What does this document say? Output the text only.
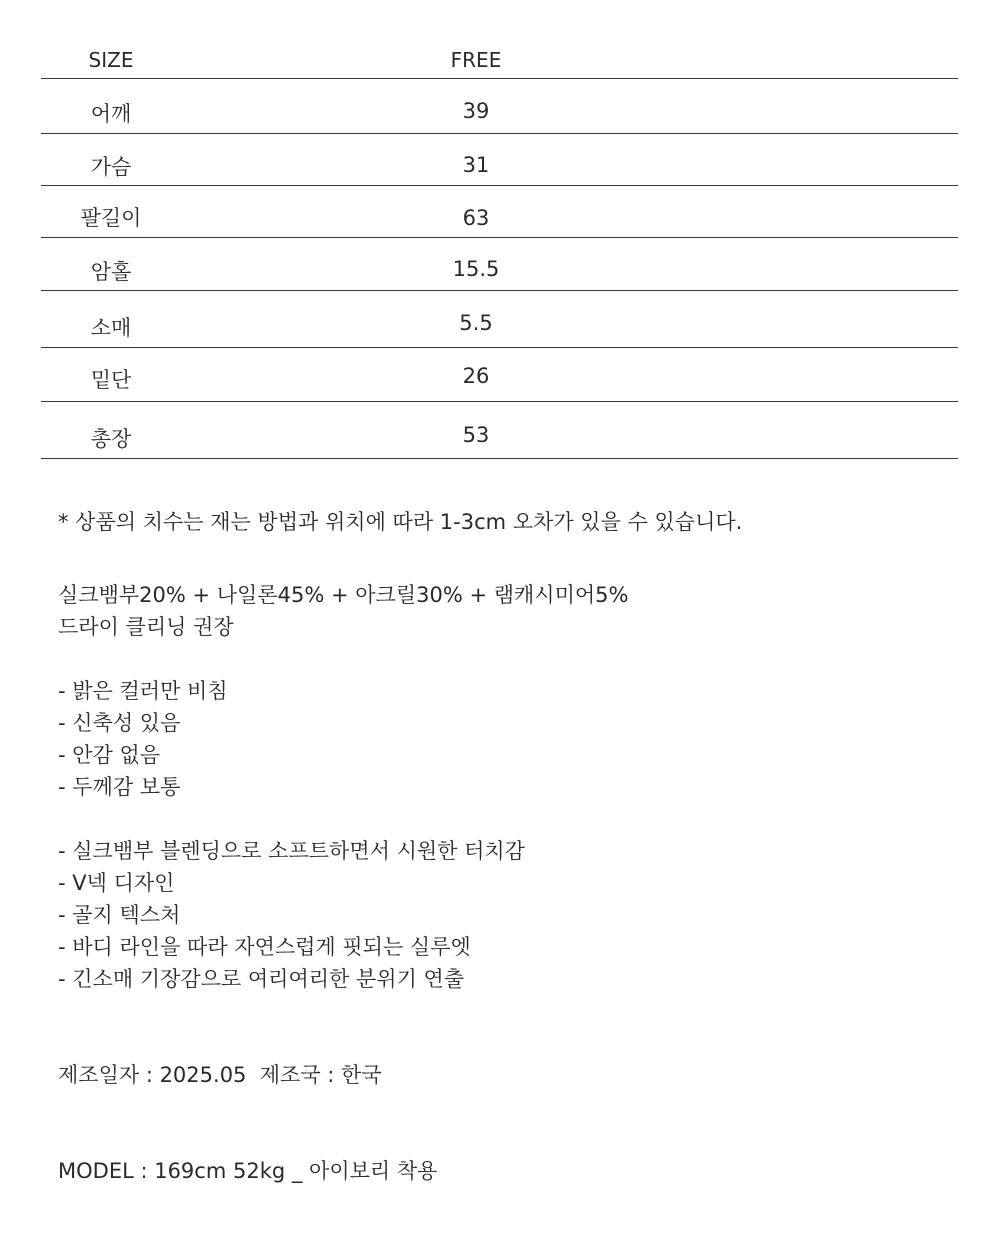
SIZE	FREE
어깨	39
가슴	31
팔길이	63
암홀	15.5
소매	5.5
밑단	26
총장	53
* 상품의 치수는 재는 방법과 위치에 따라 1-3cm 오차가 있을 수 있습니다.
실크뱀부20% + 나일론45% + 아크릴30% + 램캐시미어5%
드라이 클리닝 권장
- 밝은 컬러만 비침
- 신축성 있음
- 안감 없음
- 두께감 보통
- 실크뱀부 블렌딩으로 소프트하면서 시원한 터치감
- V넥 디자인
- 골지 텍스처
- 바디 라인을 따라 자연스럽게 핏되는 실루엣
- 긴소매 기장감으로 여리여리한 분위기 연출
제조일자 : 2025.05  제조국 : 한국
MODEL : 169cm 52kg _ 아이보리 착용
